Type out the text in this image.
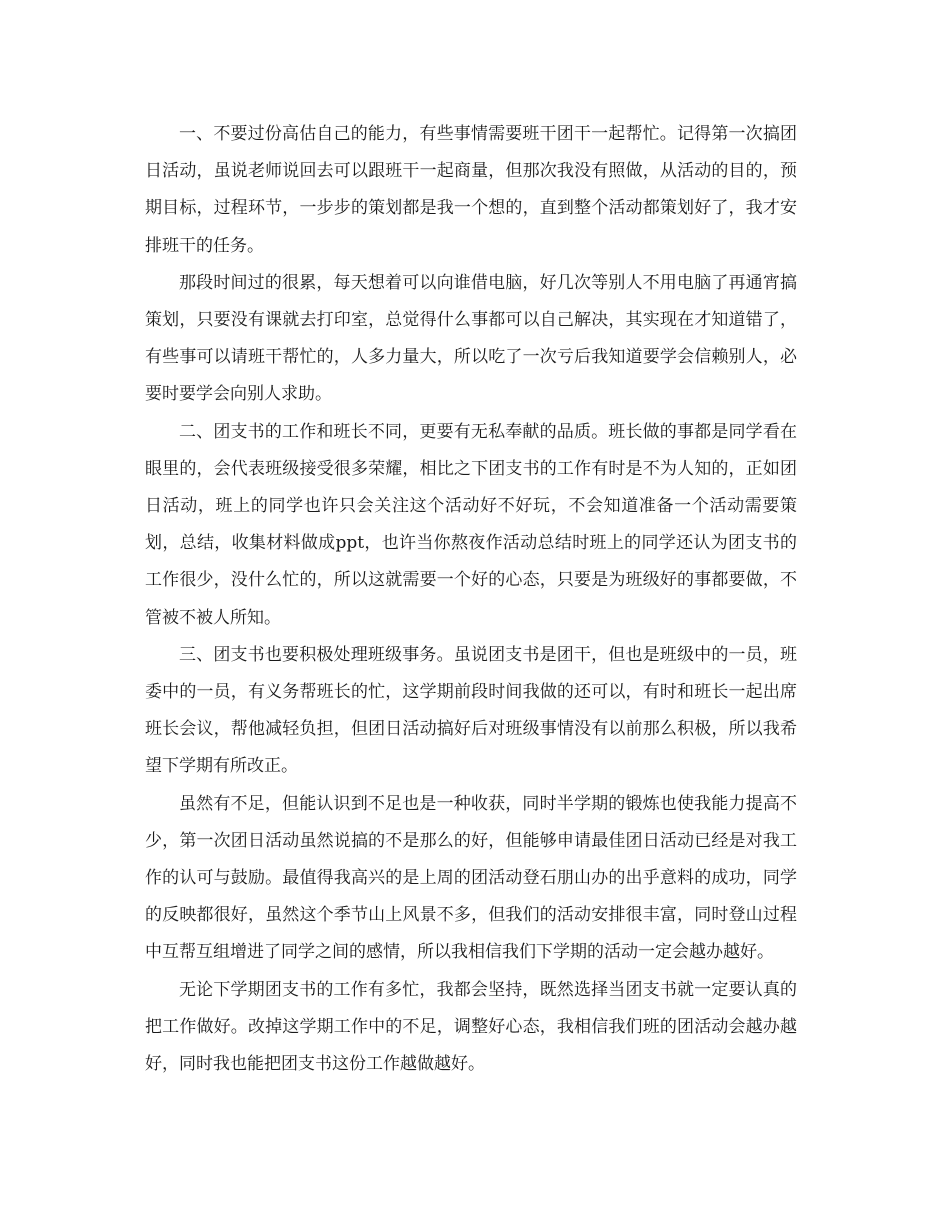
一、不要过份高估自己的能力，有些事情需要班干团干一起帮忙。记得第一次搞团日活动，虽说老师说回去可以跟班干一起商量，但那次我没有照做，从活动的目的，预期目标，过程环节，一步步的策划都是我一个想的，直到整个活动都策划好了，我才安排班干的任务。

那段时间过的很累，每天想着可以向谁借电脑，好几次等别人不用电脑了再通宵搞策划，只要没有课就去打印室，总觉得什么事都可以自己解决，其实现在才知道错了，有些事可以请班干帮忙的，人多力量大，所以吃了一次亏后我知道要学会信赖别人，必要时要学会向别人求助。

二、团支书的工作和班长不同，更要有无私奉献的品质。班长做的事都是同学看在眼里的，会代表班级接受很多荣耀，相比之下团支书的工作有时是不为人知的，正如团日活动，班上的同学也许只会关注这个活动好不好玩，不会知道准备一个活动需要策划，总结，收集材料做成ppt，也许当你熬夜作活动总结时班上的同学还认为团支书的工作很少，没什么忙的，所以这就需要一个好的心态，只要是为班级好的事都要做，不管被不被人所知。

三、团支书也要积极处理班级事务。虽说团支书是团干，但也是班级中的一员，班委中的一员，有义务帮班长的忙，这学期前段时间我做的还可以，有时和班长一起出席班长会议，帮他减轻负担，但团日活动搞好后对班级事情没有以前那么积极，所以我希望下学期有所改正。

虽然有不足，但能认识到不足也是一种收获，同时半学期的锻炼也使我能力提高不少，第一次团日活动虽然说搞的不是那么的好，但能够申请最佳团日活动已经是对我工作的认可与鼓励。最值得我高兴的是上周的团活动登石朋山办的出乎意料的成功，同学的反映都很好，虽然这个季节山上风景不多，但我们的活动安排很丰富，同时登山过程中互帮互组增进了同学之间的感情，所以我相信我们下学期的活动一定会越办越好。

无论下学期团支书的工作有多忙，我都会坚持，既然选择当团支书就一定要认真的把工作做好。改掉这学期工作中的不足，调整好心态，我相信我们班的团活动会越办越好，同时我也能把团支书这份工作越做越好。
